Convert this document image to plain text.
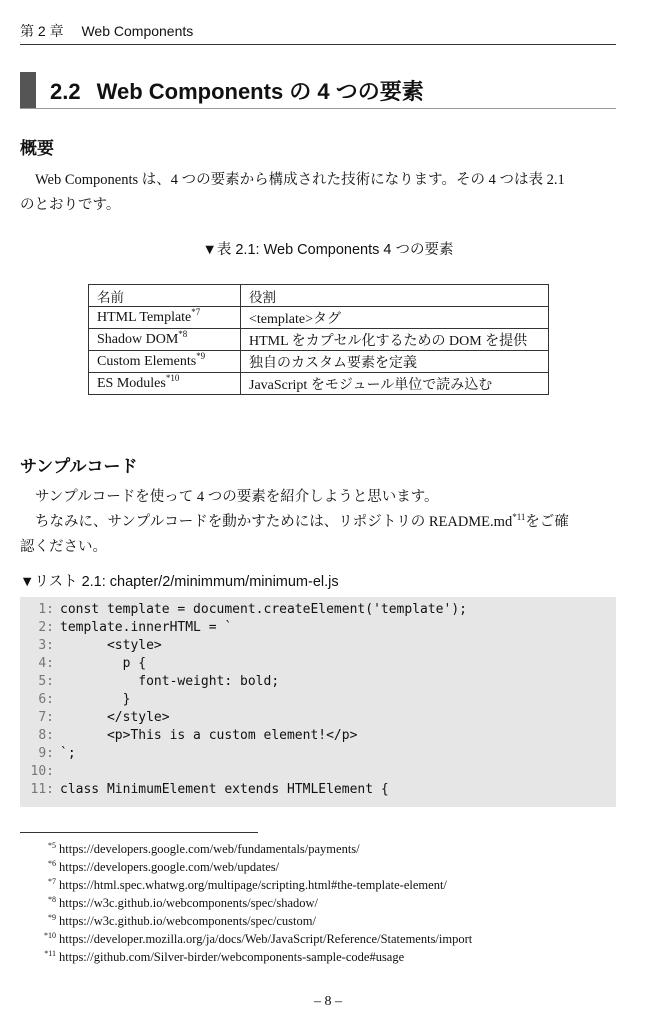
第 2 章 Web Components
2.2 Web Components の 4 つの要素
概要
Web Components は、4 つの要素から構成された技術になります。その 4 つは表 2.1
のとおりです。
▼表 2.1: Web Components 4 つの要素
名前	役割
HTML Template$^{*7}$	<template>タグ
Shadow DOM$^{*8}$	HTML をカプセル化するための DOM を提供
Custom Elements$^{*9}$	独自のカスタム要素を定義
ES Modules$^{*10}$	JavaScript をモジュール単位で読み込む
サンプルコード
サンプルコードを使って 4 つの要素を紹介しようと思います。
ちなみに、サンプルコードを動かすためには、リポジトリの $README.md^{*11}$をご確
認ください。
▼リスト 2.1: chapter/2/minimmum/minimum-el.js
1: const template = document.createElement('template');
2: template.innerHTML = `
3:      <style>
4:        p {
5:          font-weight: bold;
6:        }
7:      </style>
8:      <p>This is a custom element!</p>
9: `;
10:
11: class MinimumElement extends HTMLElement {
$^{*5}$ https://developers.google.com/web/fundamentals/payments/
$^{*6}$ https://developers.google.com/web/updates/
$^{*7}$ https://html.spec.whatwg.org/multipage/scripting.html#the-template-element/
$^{*8}$ https://w3c.github.io/webcomponents/spec/shadow/
$^{*9}$ https://w3c.github.io/webcomponents/spec/custom/
$^{*10}$ https://developer.mozilla.org/ja/docs/Web/JavaScript/Reference/Statements/import
$^{*11}$ https://github.com/Silver-birder/webcomponents-sample-code#usage
– 8 –
